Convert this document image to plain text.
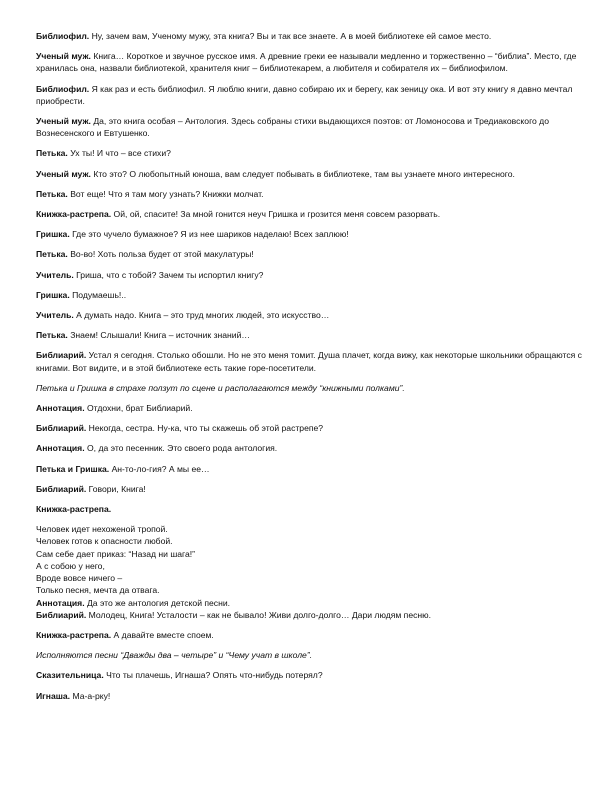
Библиофил. Ну, зачем вам, Ученому мужу, эта книга? Вы и так все знаете. А в моей библиотеке ей самое место.

Ученый муж. Книга… Короткое и звучное русское имя. А древние греки ее называли медленно и торжественно – “библиа”. Место, где хранилась она, назвали библиотекой, хранителя книг – библиотекарем, а любителя и собирателя их – библиофилом.

Библиофил. Я как раз и есть библиофил. Я люблю книги, давно собираю их и берегу, как зеницу ока. И вот эту книгу я давно мечтал приобрести.

Ученый муж. Да, это книга особая – Антология. Здесь собраны стихи выдающихся поэтов: от Ломоносова и Тредиаковского до Вознесенского и Евтушенко.

Петька. Ух ты! И что – все стихи?

Ученый муж. Кто это? О любопытный юноша, вам следует побывать в библиотеке, там вы узнаете много интересного.

Петька. Вот еще! Что я там могу узнать? Книжки молчат.

Книжка-растрепа. Ой, ой, спасите! За мной гонится неуч Гришка и грозится меня совсем разорвать.

Гришка. Где это чучело бумажное? Я из нее шариков наделаю! Всех заплюю!

Петька. Во-во! Хоть польза будет от этой макулатуры!

Учитель. Гриша, что с тобой? Зачем ты испортил книгу?

Гришка. Подумаешь!..

Учитель. А думать надо. Книга – это труд многих людей, это искусство…

Петька. Знаем! Слышали! Книга – источник знаний…

Библиарий. Устал я сегодня. Столько обошли. Но не это меня томит. Душа плачет, когда вижу, как некоторые школьники обращаются с книгами. Вот видите, и в этой библиотеке есть такие горе-посетители.

Петька и Гришка в страхе ползут по сцене и располагаются между “книжными полками”.

Аннотация. Отдохни, брат Библиарий.

Библиарий. Некогда, сестра. Ну-ка, что ты скажешь об этой растрепе?

Аннотация. О, да это песенник. Это своего рода антология.

Петька и Гришка. Ан-то-ло-гия? А мы ее…

Библиарий. Говори, Книга!

Книжка-растрепа.

Человек идет нехоженой тропой.
Человек готов к опасности любой.
Сам себе дает приказ: “Назад ни шага!”
А с собою у него,
Вроде вовсе ничего –
Только песня, мечта да отвага.
Аннотация. Да это же антология детской песни.

Библиарий. Молодец, Книга! Усталости – как не бывало! Живи долго-долго… Дари людям песню.

Книжка-растрепа. А давайте вместе споем.

Исполняются песни “Дважды два – четыре” и “Чему учат в школе”.

Сказительница. Что ты плачешь, Игнаша? Опять что-нибудь потерял?

Игнаша. Ма-а-рку!
